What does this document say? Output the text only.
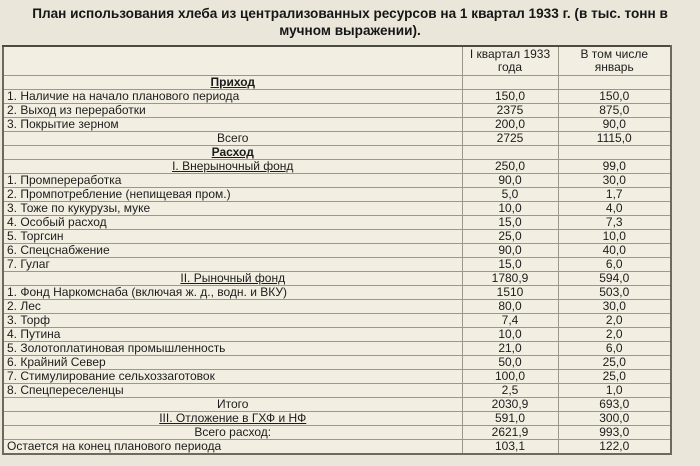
План использования хлеба из централизованных ресурсов на 1 квартал 1933 г. (в тыс. тонн в мучном выражении).
	I квартал 1933 года	В том числе январь
Приход		
1. Наличие на начало планового периода	150,0	150,0
2. Выход из переработки	2375	875,0
3. Покрытие зерном	200,0	90,0
Всего	2725	1115,0
Расход		
I. Внерыночный фонд	250,0	99,0
1. Промпереработка	90,0	30,0
2. Промпотребление (непищевая пром.)	5,0	1,7
3. Тоже по кукурузы, муке	10,0	4,0
4. Особый расход	15,0	7,3
5. Торгсин	25,0	10,0
6. Спецснабжение	90,0	40,0
7. Гулаг	15,0	6,0
II. Рыночный фонд	1780,9	594,0
1. Фонд Наркомснаба (включая ж. д., водн. и ВКУ)	1510	503,0
2. Лес	80,0	30,0
3. Торф	7,4	2,0
4. Путина	10,0	2,0
5. Золотоплатиновая промышленность	21,0	6,0
6. Крайний Север	50,0	25,0
7. Стимулирование сельхоззаготовок	100,0	25,0
8. Спецпереселенцы	2,5	1,0
Итого	2030,9	693,0
III. Отложение в ГХФ и НФ	591,0	300,0
Всего расход:	2621,9	993,0
Остается на конец планового периода	103,1	122,0
